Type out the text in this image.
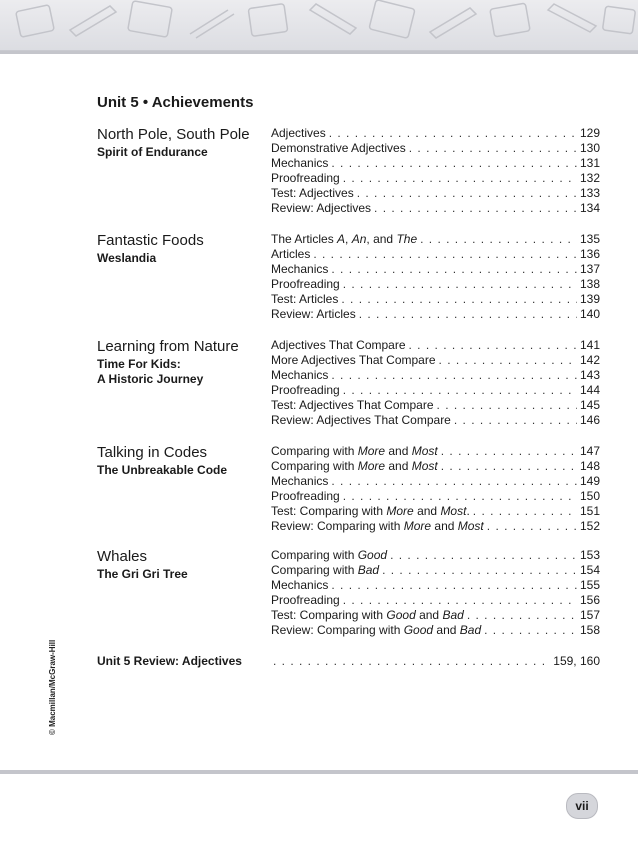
Unit 5 • Achievements
North Pole, South Pole
Spirit of Endurance
Adjectives . . .	129
Demonstrative Adjectives . . .	130
Mechanics . . .	131
Proofreading . . .	132
Test: Adjectives . . .	133
Review: Adjectives . . .	134
Fantastic Foods
Weslandia
The Articles A, An, and The . . .	135
Articles . . .	136
Mechanics . . .	137
Proofreading . . .	138
Test: Articles . . .	139
Review: Articles . . .	140
Learning from Nature
Time For Kids:
A Historic Journey
Adjectives That Compare . . .	141
More Adjectives That Compare . . .	142
Mechanics . . .	143
Proofreading . . .	144
Test: Adjectives That Compare . . .	145
Review: Adjectives That Compare . . .	146
Talking in Codes
The Unbreakable Code
Comparing with More and Most . . .	147
Comparing with More and Most . . .	148
Mechanics . . .	149
Proofreading . . .	150
Test: Comparing with More and Most. . . .	151
Review: Comparing with More and Most . . .	152
Whales
The Gri Gri Tree
Comparing with Good . . .	153
Comparing with Bad . . .	154
Mechanics . . .	155
Proofreading . . .	156
Test: Comparing with Good and Bad . . .	157
Review: Comparing with Good and Bad . . .	158
Unit 5 Review: Adjectives . . .	159, 160
© Macmillan/McGraw-Hill
vii
